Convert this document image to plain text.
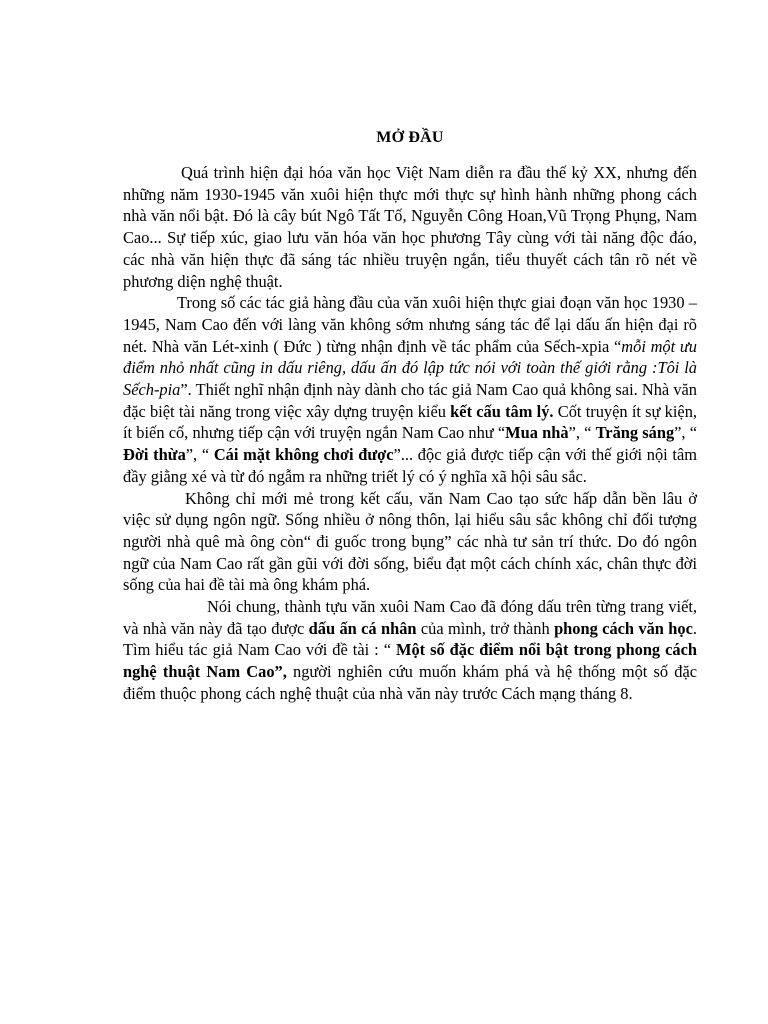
MỞ ĐẦU

Quá trình hiện đại hóa văn học Việt Nam diễn ra đầu thế kỷ XX, nhưng đến những năm 1930-1945 văn xuôi hiện thực mới thực sự hình hành những phong cách nhà văn nổi bật. Đó là cây bút Ngô Tất Tố, Nguyễn Công Hoan,Vũ Trọng Phụng, Nam Cao... Sự tiếp xúc, giao lưu văn hóa văn học phương Tây cùng với tài năng độc đáo, các nhà văn hiện thực đã sáng tác nhiều truyện ngắn, tiểu thuyết cách tân rõ nét về phương diện nghệ thuật.

Trong số các tác giả hàng đầu của văn xuôi hiện thực giai đoạn văn học 1930 – 1945, Nam Cao đến với làng văn không sớm nhưng sáng tác để lại dấu ấn hiện đại rõ nét. Nhà văn Lét-xinh ( Đức ) từng nhận định về tác phẩm của Sếch-xpia “mỗi một ưu điểm nhỏ nhất cũng in dấu riêng, dấu ấn đó lập tức nói với toàn thế giới rằng :Tôi là Sếch-pia”. Thiết nghĩ nhận định này dành cho tác giả Nam Cao quả không sai. Nhà văn đặc biệt tài năng trong việc xây dựng truyện kiểu kết cấu tâm lý. Cốt truyện ít sự kiện, ít biến cố, nhưng tiếp cận với truyện ngắn Nam Cao như “Mua nhà”, “ Trăng sáng”, “ Đời thừa”, “ Cái mặt không chơi được”... độc giả được tiếp cận với thế giới nội tâm đầy giằng xé và từ đó ngẫm ra những triết lý có ý nghĩa xã hội sâu sắc.

Không chỉ mới mẻ trong kết cấu, văn Nam Cao tạo sức hấp dẫn bền lâu ở việc sử dụng ngôn ngữ. Sống nhiều ở nông thôn, lại hiểu sâu sắc không chỉ đối tượng người nhà quê mà ông còn“ đi guốc trong bụng” các nhà tư sản trí thức. Do đó ngôn ngữ của Nam Cao rất gần gũi với đời sống, biểu đạt một cách chính xác, chân thực đời sống của hai đề tài mà ông khám phá.

Nói chung, thành tựu văn xuôi Nam Cao đã đóng dấu trên từng trang viết, và nhà văn này đã tạo được dấu ấn cá nhân của mình, trở thành phong cách văn học. Tìm hiểu tác giả Nam Cao với đề tài : “ Một số đặc điểm nổi bật trong phong cách nghệ thuật Nam Cao”, người nghiên cứu muốn khám phá và hệ thống một số đặc điểm thuộc phong cách nghệ thuật của nhà văn này trước Cách mạng tháng 8.
